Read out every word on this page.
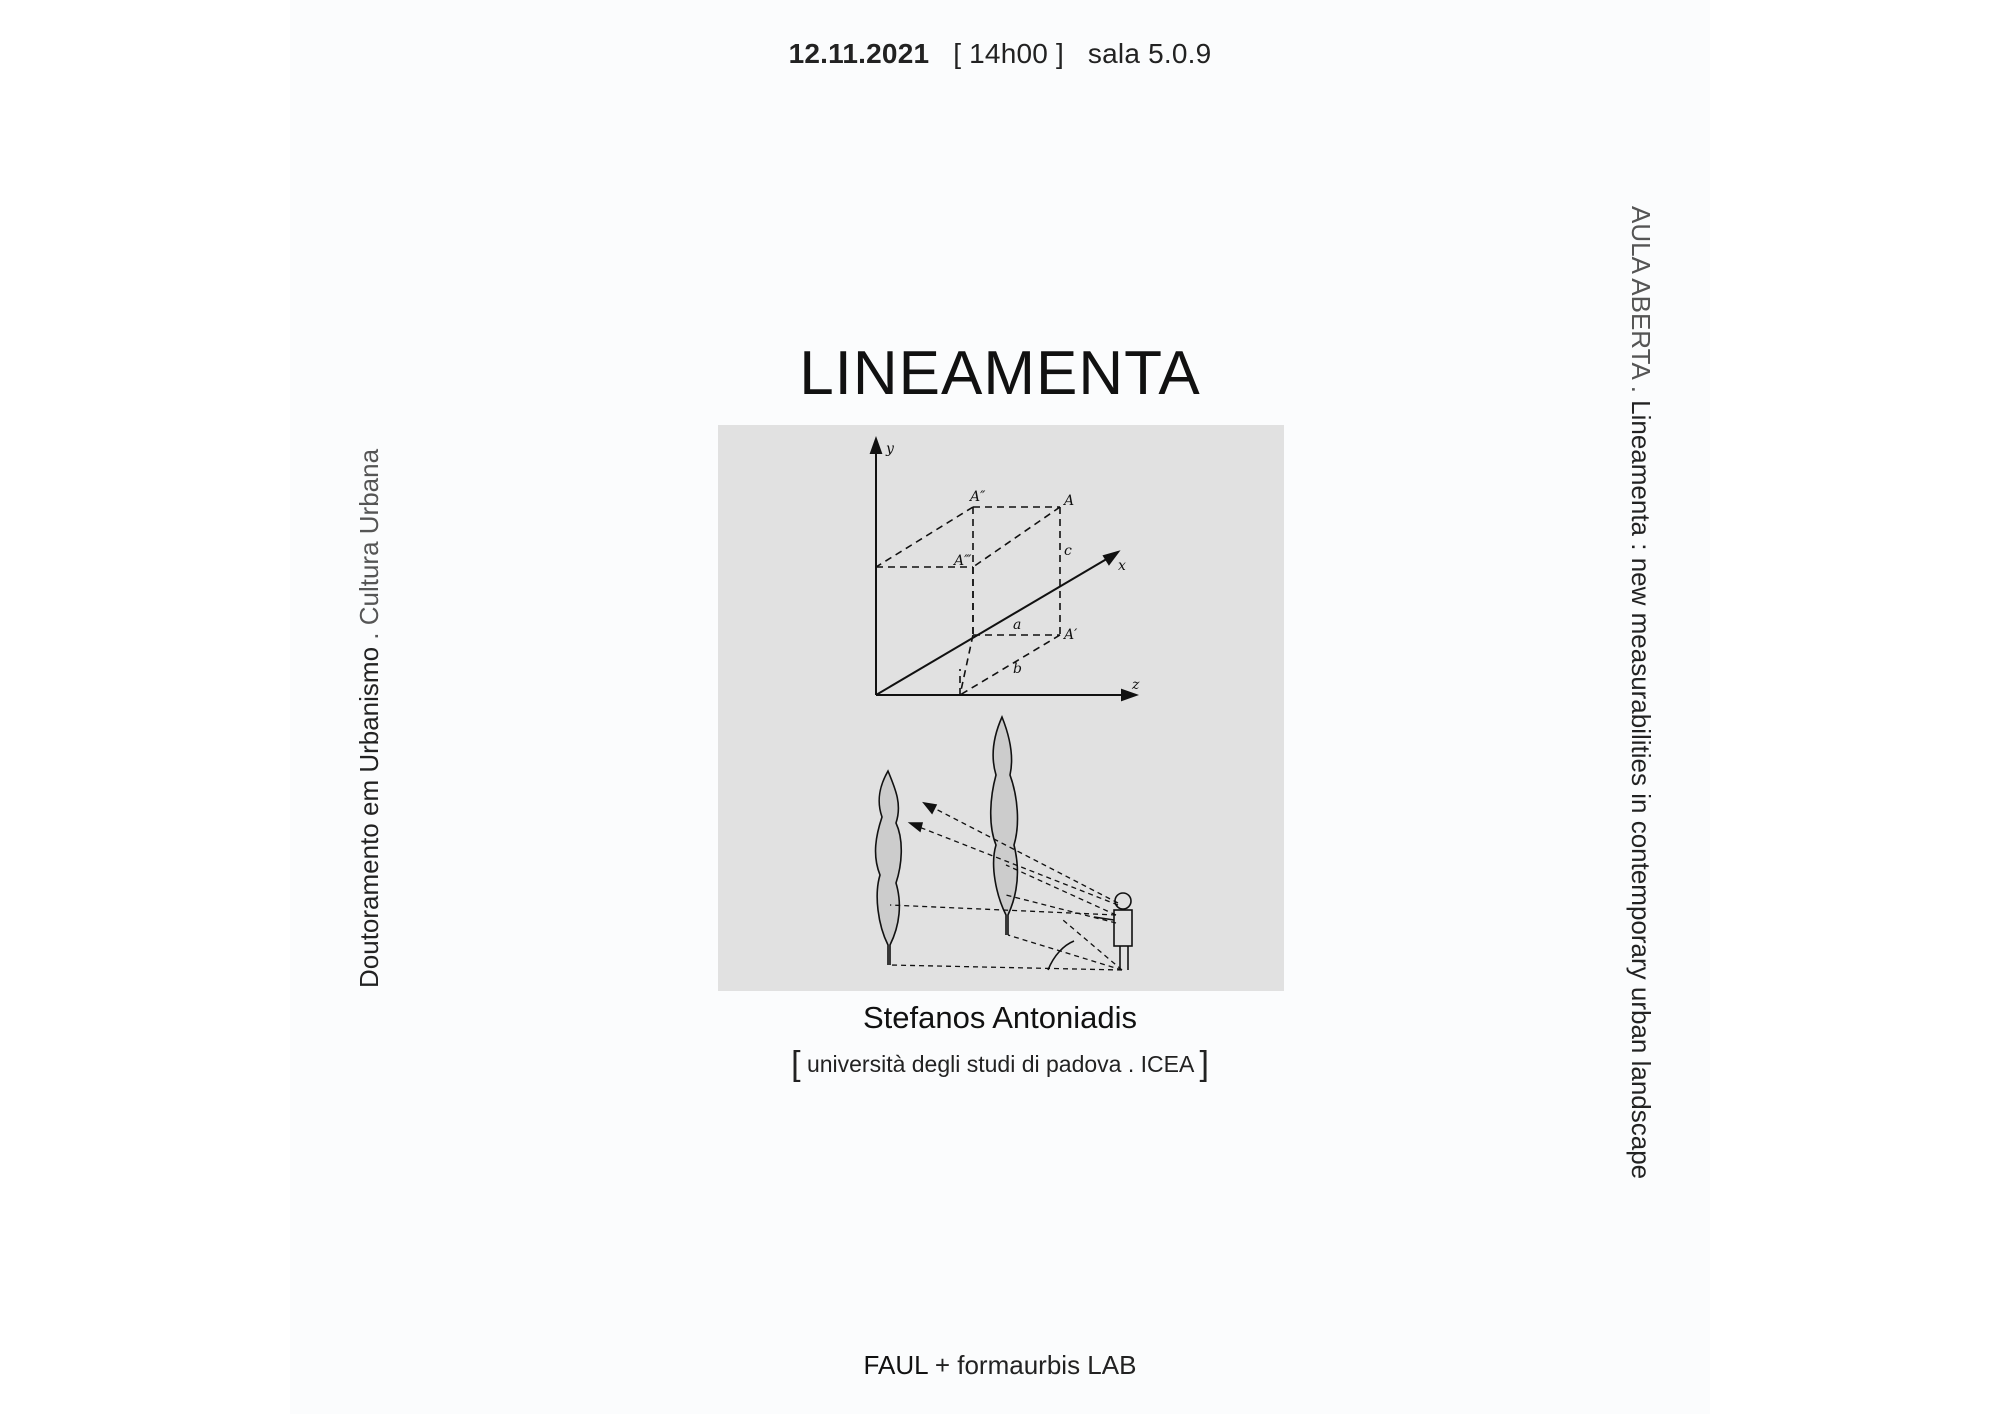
12.11.2021 [ 14h00 ] sala 5.0.9
LINEAMENTA
y
x
z
A″	A
A‴
c
a
A′
b
Stefanos Antoniadis
[ università degli studi di padova . ICEA ]
FAUL + formaurbis LAB
Doutoramento em Urbanismo . Cultura Urbana
AULA ABERTA . Lineamenta : new measurabilities in contemporary urban landscape
